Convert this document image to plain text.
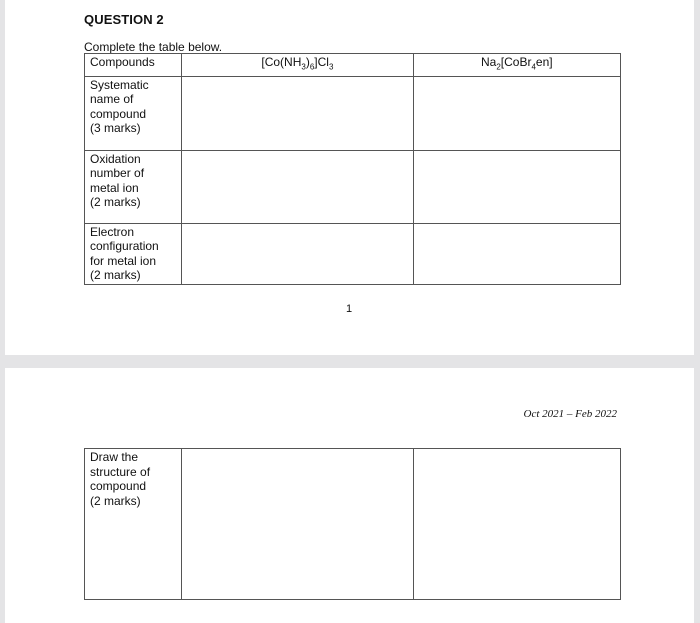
QUESTION 2
Complete the table below.
Compounds	$[Co(NH_3)_6]Cl_3$	$Na_2[CoBr_4en]$

Systematic
name of
compound
(3 marks)		

Oxidation
number of
metal ion
(2 marks)		

Electron
configuration
for metal ion
(2 marks)		

1
Oct 2021 – Feb 2022
Draw the
structure of
compound
(2 marks)
